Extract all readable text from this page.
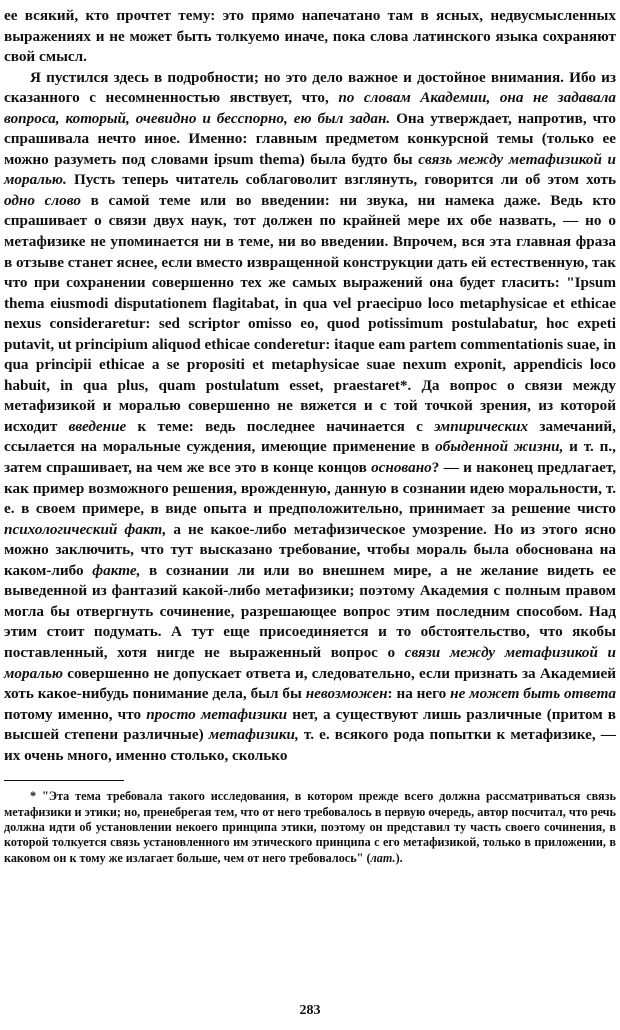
ее всякий, кто прочтет тему: это прямо напечатано там в ясных, недвусмысленных выражениях и не может быть толкуемо иначе, пока слова латинского языка сохраняют свой смысл.

Я пустился здесь в подробности; но это дело важное и достойное внимания. Ибо из сказанного с несомненностью явствует, что, по словам Академии, она не задавала вопроса, который, очевидно и бесспорно, ею был задан. Она утверждает, напротив, что спрашивала нечто иное. Именно: главным предметом конкурсной темы (только ее можно разуметь под словами ipsum thema) была будто бы связь между метафизикой и моралью. Пусть теперь читатель соблаговолит взглянуть, говорится ли об этом хоть одно слово в самой теме или во введении: ни звука, ни намека даже. Ведь кто спрашивает о связи двух наук, тот должен по крайней мере их обе назвать, — но о метафизике не упоминается ни в теме, ни во введении. Впрочем, вся эта главная фраза в отзыве станет яснее, если вместо извращенной конструкции дать ей естественную, так что при сохранении совершенно тех же самых выражений она будет гласить: "Ipsum thema eiusmodi disputationem flagitabat, in qua vel praecipuo loco metaphysicae et ethicae nexus consideraretur: sed scriptor omisso eo, quod potissimum postulabatur, hoc expeti putavit, ut principium aliquod ethicae conderetur: itaque eam partem commentationis suae, in qua principii ethicae a se propositi et metaphysicae suae nexum exponit, appendicis loco habuit, in qua plus, quam postulatum esset, praestaret*. Да вопрос о связи между метафизикой и моралью совершенно не вяжется и с той точкой зрения, из которой исходит введение к теме: ведь последнее начинается с эмпирических замечаний, ссылается на моральные суждения, имеющие применение в обыденной жизни, и т. п., затем спрашивает, на чем же все это в конце концов основано? — и наконец предлагает, как пример возможного решения, врожденную, данную в сознании идею моральности, т. е. в своем примере, в виде опыта и предположительно, принимает за решение чисто психологический факт, а не какое-либо метафизическое умозрение. Но из этого ясно можно заключить, что тут высказано требование, чтобы мораль была обоснована на каком-либо факте, в сознании ли или во внешнем мире, а не желание видеть ее выведенной из фантазий какой-либо метафизики; поэтому Академия с полным правом могла бы отвергнуть сочинение, разрешающее вопрос этим последним способом. Над этим стоит подумать. А тут еще присоединяется и то обстоятельство, что якобы поставленный, хотя нигде не выраженный вопрос о связи между метафизикой и моралью совершенно не допускает ответа и, следовательно, если признать за Академией хоть какое-нибудь понимание дела, был бы невозможен: на него не может быть ответа потому именно, что просто метафизики нет, а существуют лишь различные (притом в высшей степени различные) метафизики, т. е. всякого рода попытки к метафизике, — их очень много, именно столько, сколько

* "Эта тема требовала такого исследования, в котором прежде всего должна рассматриваться связь метафизики и этики; но, пренебрегая тем, что от него требовалось в первую очередь, автор посчитал, что речь должна идти об установлении некоего принципа этики, поэтому он представил ту часть своего сочинения, в которой толкуется связь установленного им этического принципа с его метафизикой, только в приложении, в каковом он к тому же излагает больше, чем от него требовалось" (лат.).

283
